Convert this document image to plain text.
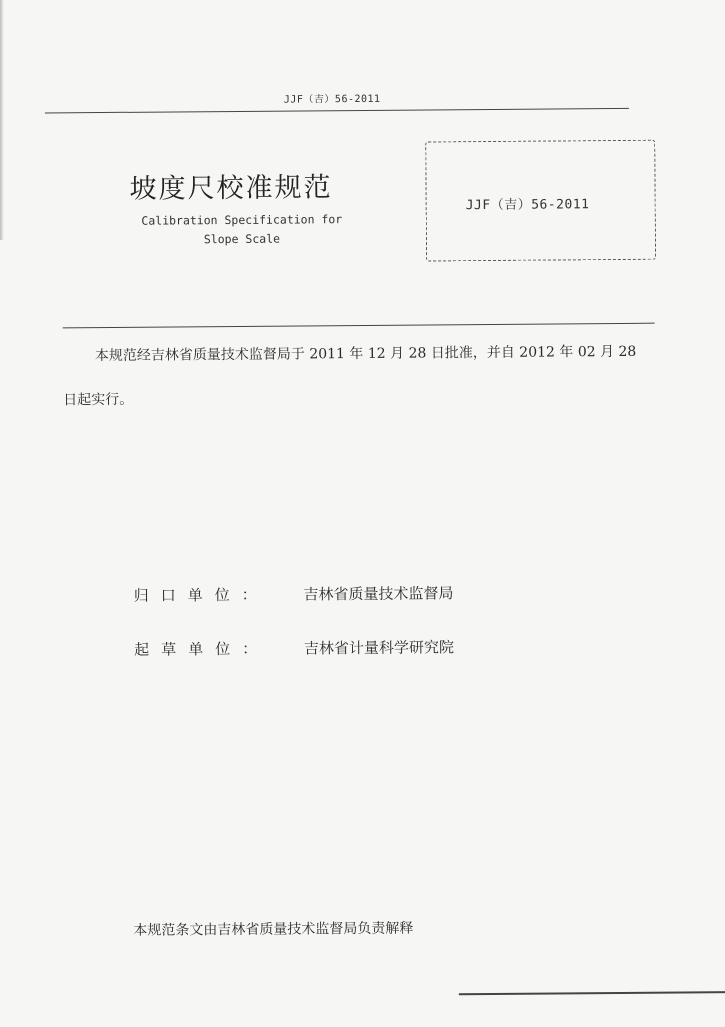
JJF（吉）56-2011
坡度尺校准规范
Calibration Specification for
Slope Scale
JJF（吉）56-2011
本规范经吉林省质量技术监督局于 2011 年 12 月 28 日批准，并自 2012 年 02 月 28 日起实行。
归口单位： 吉林省质量技术监督局
起草单位： 吉林省计量科学研究院
本规范条文由吉林省质量技术监督局负责解释
